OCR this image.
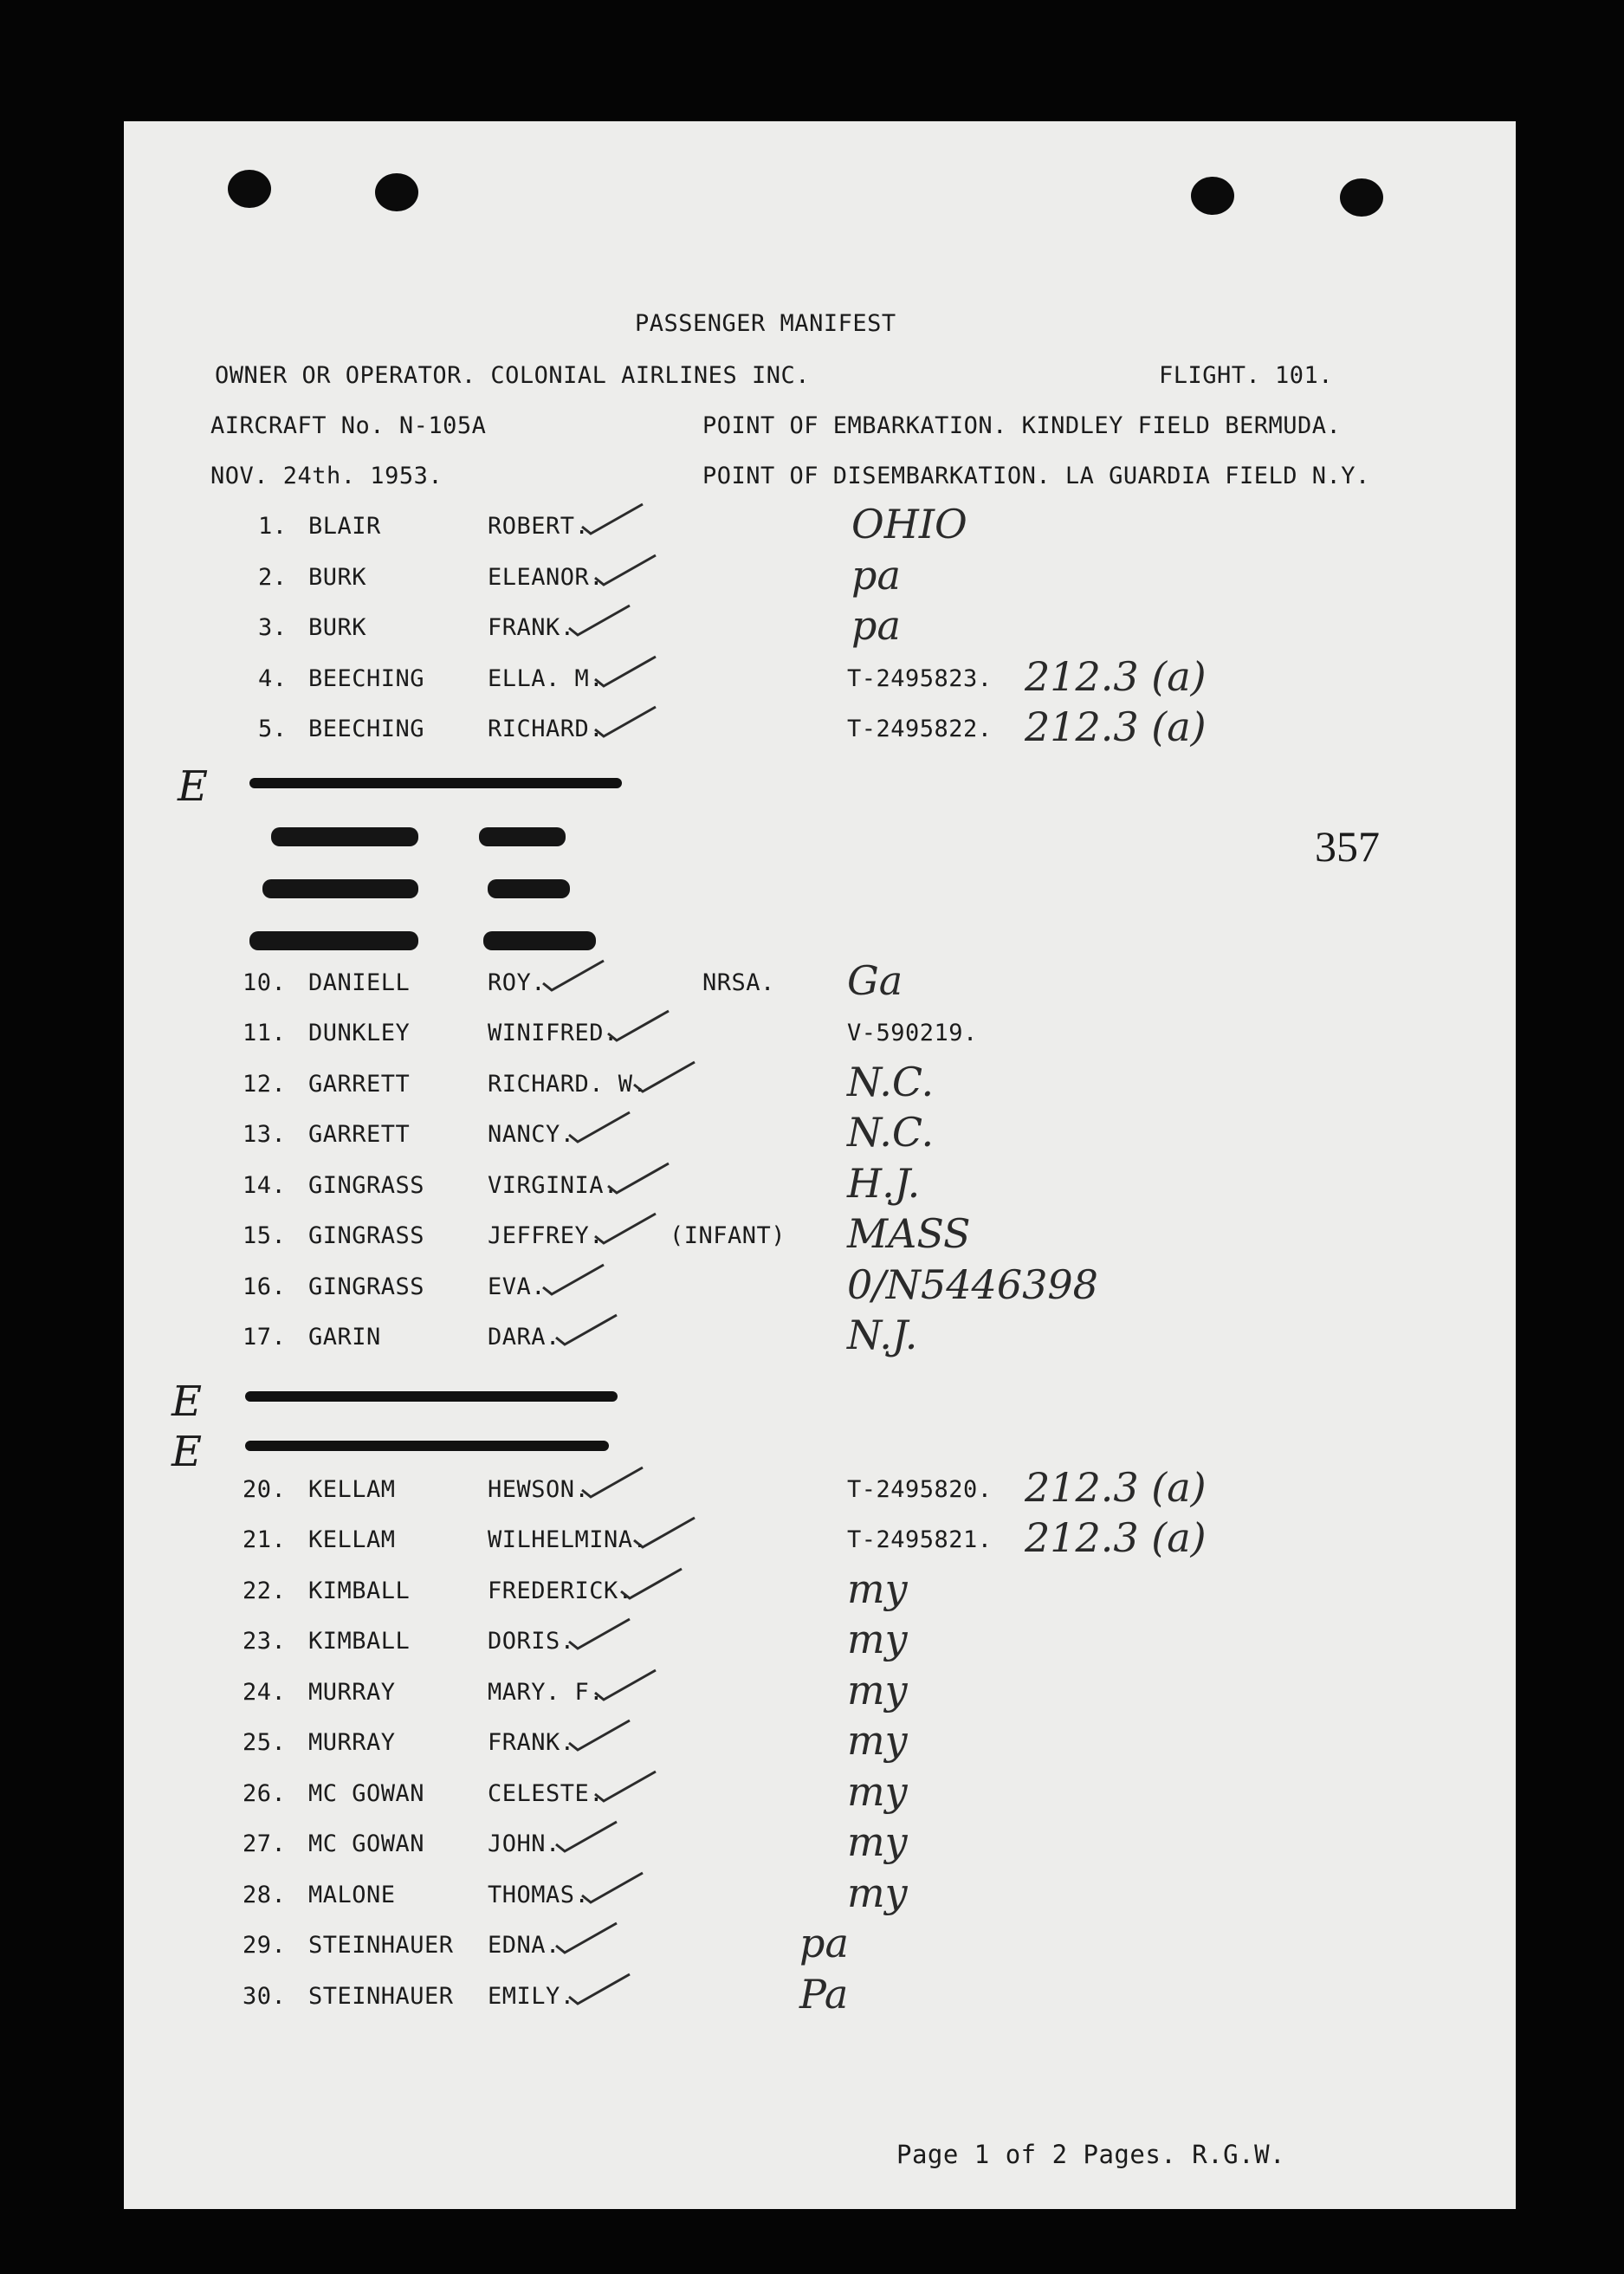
PASSENGER MANIFEST
OWNER OR OPERATOR. COLONIAL AIRLINES INC.	FLIGHT. 101.
AIRCRAFT No. N-105A	POINT OF EMBARKATION. KINDLEY FIELD BERMUDA.
NOV. 24th. 1953.	POINT OF DISEMBARKATION. LA GUARDIA FIELD N.Y.
357
E
E
E
1. BLAIR	ROBERT.	OHIO
2. BURK	ELEANOR.	pa
3. BURK	FRANK.	pa
4. BEECHING	ELLA. M.	T-2495823. 212.3 (a)
5. BEECHING	RICHARD.	T-2495822. 212.3 (a)
10. DANIELL	ROY.	NRSA. Ga
11. DUNKLEY	WINIFRED.	V-590219.
12. GARRETT	RICHARD. W.	N.C.
13. GARRETT	NANCY.	N.C.
14. GINGRASS	VIRGINIA.	H.J.
15. GINGRASS	JEFFREY.	(INFANT) MASS
16. GINGRASS	EVA.	0/N5446398
17. GARIN	DARA.	N.J.
20. KELLAM	HEWSON.	T-2495820. 212.3 (a)
21. KELLAM	WILHELMINA.	T-2495821. 212.3 (a)
22. KIMBALL	FREDERICK.	my
23. KIMBALL	DORIS.	my
24. MURRAY	MARY. F.	my
25. MURRAY	FRANK.	my
26. MC GOWAN	CELESTE.	my
27. MC GOWAN	JOHN.	my
28. MALONE	THOMAS.	my
29. STEINHAUER EDNA.	pa
30. STEINHAUER EMILY.	Pa
Page 1 of 2 Pages. R.G.W.
